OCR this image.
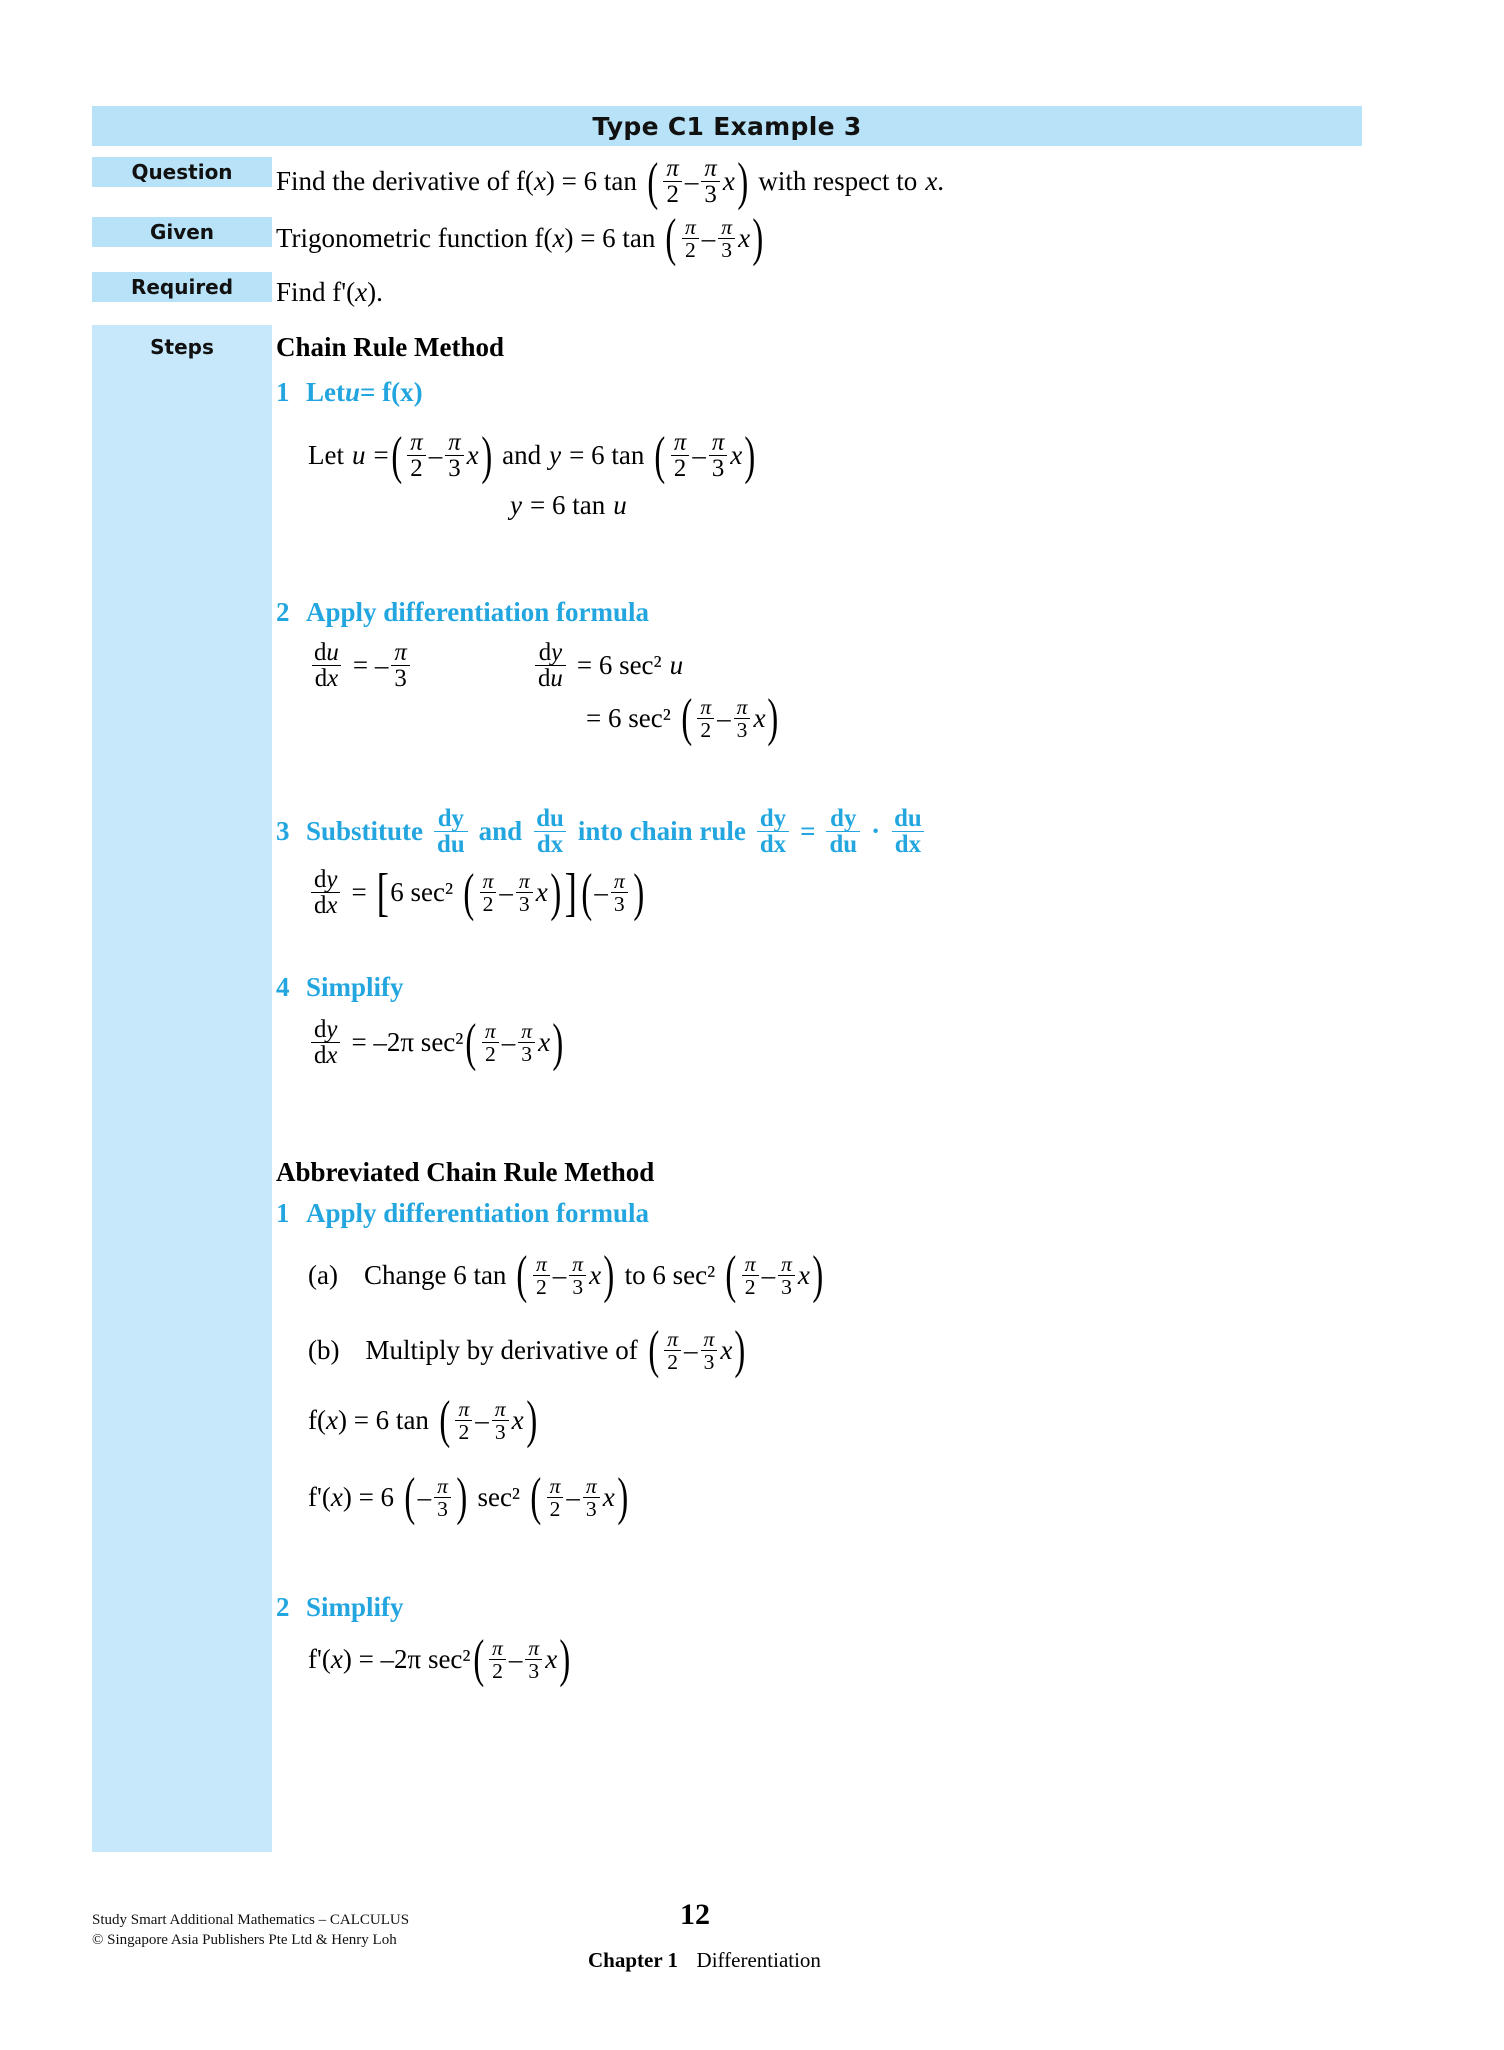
Type C1 Example 3
Question
Given
Required
Steps
Find the derivative of f( x ) = 6 tan ( $\frac{\pi}{2} - \frac{\pi}{3}$ x ) with respect to x .
Trigonometric function f( x ) = 6 tan ( $\frac{\pi}{2} - \frac{\pi}{3}$ x )
Find f'( x ).
Chain Rule Method
1 Let u = f(x)
Let u = ( $\frac{\pi}{2} - \frac{\pi}{3}$ x ) and y = 6 tan ( $\frac{\pi}{2} - \frac{\pi}{3}$ x )
y = 6 tan u
2 Apply differentiation formula
$\frac{du}{dx}$ = – $\frac{\pi}{3}$	$\frac{dy}{du} = 6$ sec² u
= 6 sec² ( $\frac{\pi}{2} - \frac{\pi}{3}$ x )
3 Substitute $\frac{dy}{du}$ and $\frac{du}{dx}$ into chain rule $\frac{dy}{dx} = \frac{dy}{du} \cdot \frac{du}{dx}$
$\frac{dy}{dx}$ = [ 6 sec² ( $\frac{\pi}{2} - \frac{\pi}{3}$ x ) ] ( – $\frac{\pi}{3}$ )
4 Simplify
$\frac{dy}{dx} = -2\pi$ sec² ( $\frac{\pi}{2} - \frac{\pi}{3}$ x )
Abbreviated Chain Rule Method
1 Apply differentiation formula
(a) Change 6 tan ( $\frac{\pi}{2} - \frac{\pi}{3}$ x ) to 6 sec² ( $\frac{\pi}{2} - \frac{\pi}{3}$ x )
(b) Multiply by derivative of ( $\frac{\pi}{2} - \frac{\pi}{3}$ x )
f( x ) = 6 tan ( $\frac{\pi}{2} - \frac{\pi}{3}$ x )
f'( x ) = 6 ( – $\frac{\pi}{3}$ ) sec² ( $\frac{\pi}{2} - \frac{\pi}{3}$ x )
2 Simplify
f'( x ) = –2π sec² ( $\frac{\pi}{2} - \frac{\pi}{3}$ x )
Study Smart Additional Mathematics – CALCULUS
© Singapore Asia Publishers Pte Ltd & Henry Loh
12
Chapter 1 Differentiation
